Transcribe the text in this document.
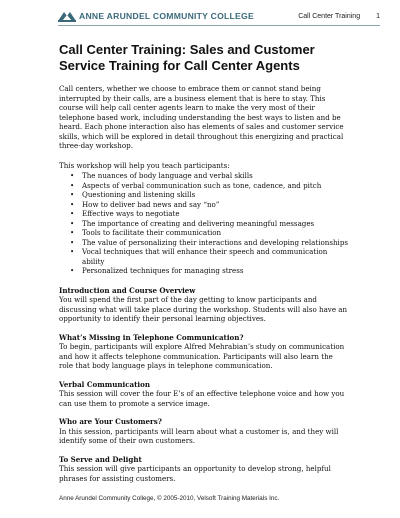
ANNE ARUNDEL COMMUNITY COLLEGE	Call Center Training 1
Call Center Training: Sales and Customer Service Training for Call Center Agents

Call centers, whether we choose to embrace them or cannot stand being interrupted by their calls, are a business element that is here to stay. This course will help call center agents learn to make the very most of their telephone based work, including understanding the best ways to listen and be heard. Each phone interaction also has elements of sales and customer service skills, which will be explored in detail throughout this energizing and practical three-day workshop.

This workshop will help you teach participants:

• The nuances of body language and verbal skills
• Aspects of verbal communication such as tone, cadence, and pitch
• Questioning and listening skills
• How to deliver bad news and say “no”
• Effective ways to negotiate
• The importance of creating and delivering meaningful messages
• Tools to facilitate their communication
• The value of personalizing their interactions and developing relationships
• Vocal techniques that will enhance their speech and communication ability
• Personalized techniques for managing stress
Introduction and Course Overview

You will spend the first part of the day getting to know participants and discussing what will take place during the workshop. Students will also have an opportunity to identify their personal learning objectives.

What’s Missing in Telephone Communication?

To begin, participants will explore Alfred Mehrabian’s study on communication and how it affects telephone communication. Participants will also learn the role that body language plays in telephone communication.

Verbal Communication

This session will cover the four E’s of an effective telephone voice and how you can use them to promote a service image.

Who are Your Customers?

In this session, participants will learn about what a customer is, and they will identify some of their own customers.

To Serve and Delight

This session will give participants an opportunity to develop strong, helpful phrases for assisting customers.

Anne Arundel Community College, © 2005-2010, Velsoft Training Materials Inc.
